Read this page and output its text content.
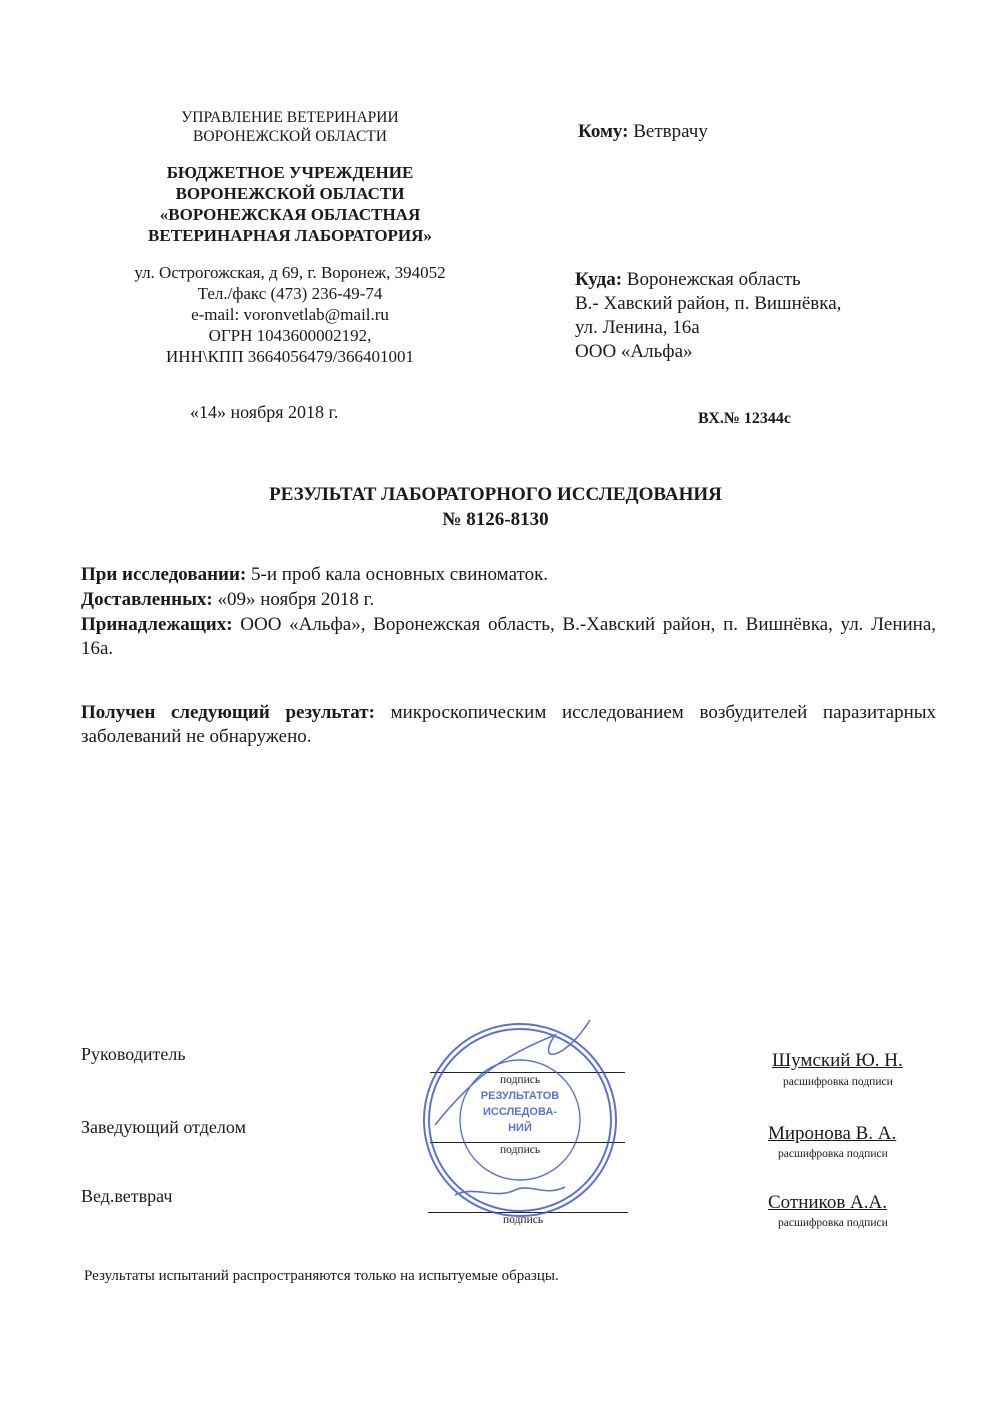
УПРАВЛЕНИЕ ВЕТЕРИНАРИИ
ВОРОНЕЖСКОЙ ОБЛАСТИ
БЮДЖЕТНОЕ УЧРЕЖДЕНИЕ
ВОРОНЕЖСКОЙ ОБЛАСТИ
«ВОРОНЕЖСКАЯ ОБЛАСТНАЯ
ВЕТЕРИНАРНАЯ ЛАБОРАТОРИЯ»
ул. Острогожская, д 69, г. Воронеж, 394052
Тел./факс (473) 236-49-74
e-mail: voronvetlab@mail.ru
ОГРН 1043600002192,
ИНН\КПП 3664056479/366401001
«14» ноября 2018 г.
Кому: Ветврачу
Куда: Воронежская область
В.- Хавский район, п. Вишнёвка,
ул. Ленина, 16а
ООО «Альфа»
ВХ.№ 12344с
РЕЗУЛЬТАТ ЛАБОРАТОРНОГО ИССЛЕДОВАНИЯ
№ 8126-8130
При исследовании: 5-и проб кала основных свиноматок.
Доставленных: «09» ноября 2018 г.
Принадлежащих: ООО «Альфа», Воронежская область, В.-Хавский район, п. Вишнёвка, ул. Ленина, 16а.
Получен следующий результат: микроскопическим исследованием возбудителей паразитарных заболеваний не обнаружено.
Руководитель
подпись
Шумский Ю. Н.
расшифровка подписи
Заведующий отделом
подпись
Миронова В. А.
расшифровка подписи
Вед.ветврач
подпись
Сотников А.А.
расшифровка подписи
РЕЗУЛЬТАТОВ
ИССЛЕДОВА-
НИЙ
Результаты испытаний распространяются только на испытуемые образцы.
